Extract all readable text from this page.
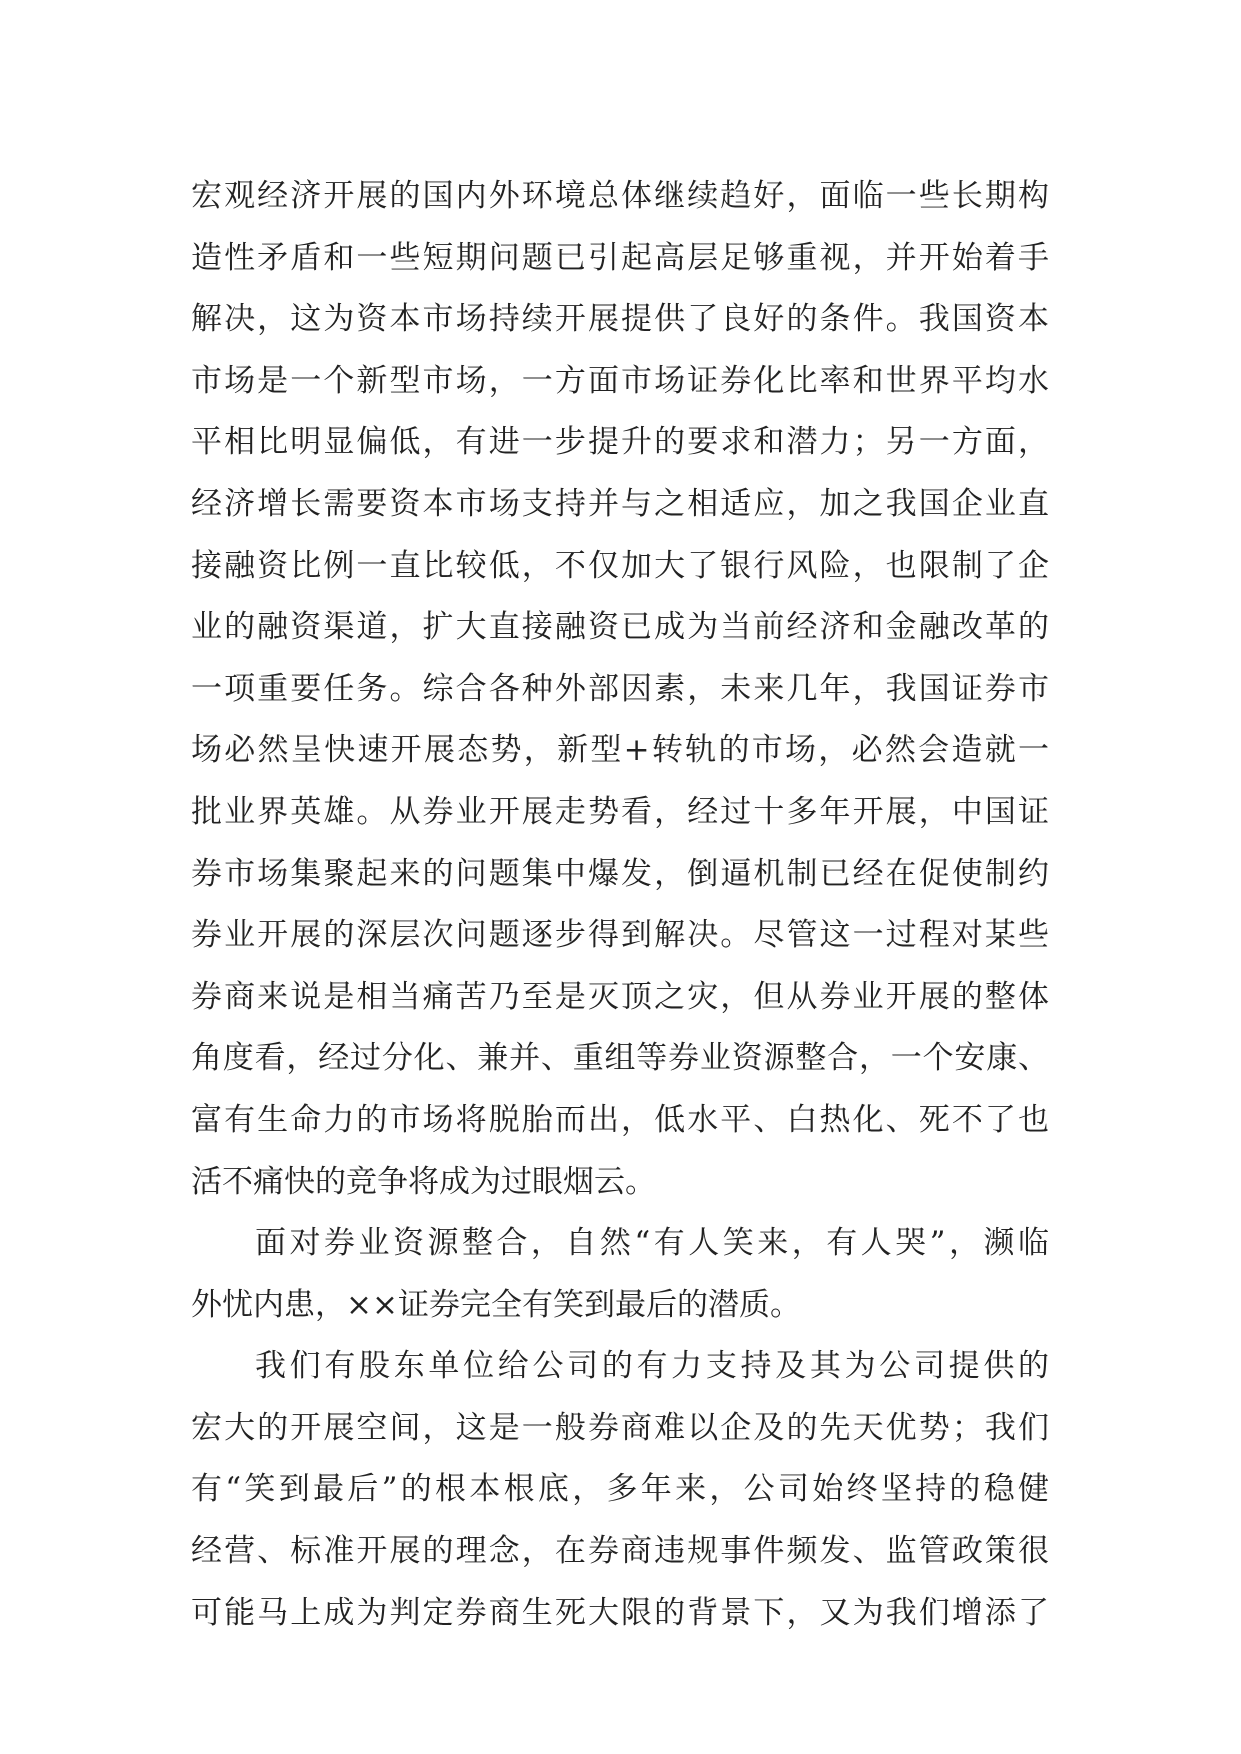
宏观经济开展的国内外环境总体继续趋好，面临一些长期构
造性矛盾和一些短期问题已引起高层足够重视，并开始着手
解决，这为资本市场持续开展提供了良好的条件。我国资本
市场是一个新型市场，一方面市场证券化比率和世界平均水
平相比明显偏低，有进一步提升的要求和潜力；另一方面，
经济增长需要资本市场支持并与之相适应，加之我国企业直
接融资比例一直比较低，不仅加大了银行风险，也限制了企
业的融资渠道，扩大直接融资已成为当前经济和金融改革的
一项重要任务。综合各种外部因素，未来几年，我国证券市
场必然呈快速开展态势，新型+转轨的市场，必然会造就一
批业界英雄。从券业开展走势看，经过十多年开展，中国证
券市场集聚起来的问题集中爆发，倒逼机制已经在促使制约
券业开展的深层次问题逐步得到解决。尽管这一过程对某些
券商来说是相当痛苦乃至是灭顶之灾，但从券业开展的整体
角度看，经过分化、兼并、重组等券业资源整合，一个安康、
富有生命力的市场将脱胎而出，低水平、白热化、死不了也
活不痛快的竞争将成为过眼烟云。
面对券业资源整合，自然“有人笑来，有人哭”，濒临
外忧内患，××证券完全有笑到最后的潜质。
我们有股东单位给公司的有力支持及其为公司提供的
宏大的开展空间，这是一般券商难以企及的先天优势；我们
有“笑到最后”的根本根底，多年来，公司始终坚持的稳健
经营、标准开展的理念，在券商违规事件频发、监管政策很
可能马上成为判定券商生死大限的背景下，又为我们增添了
